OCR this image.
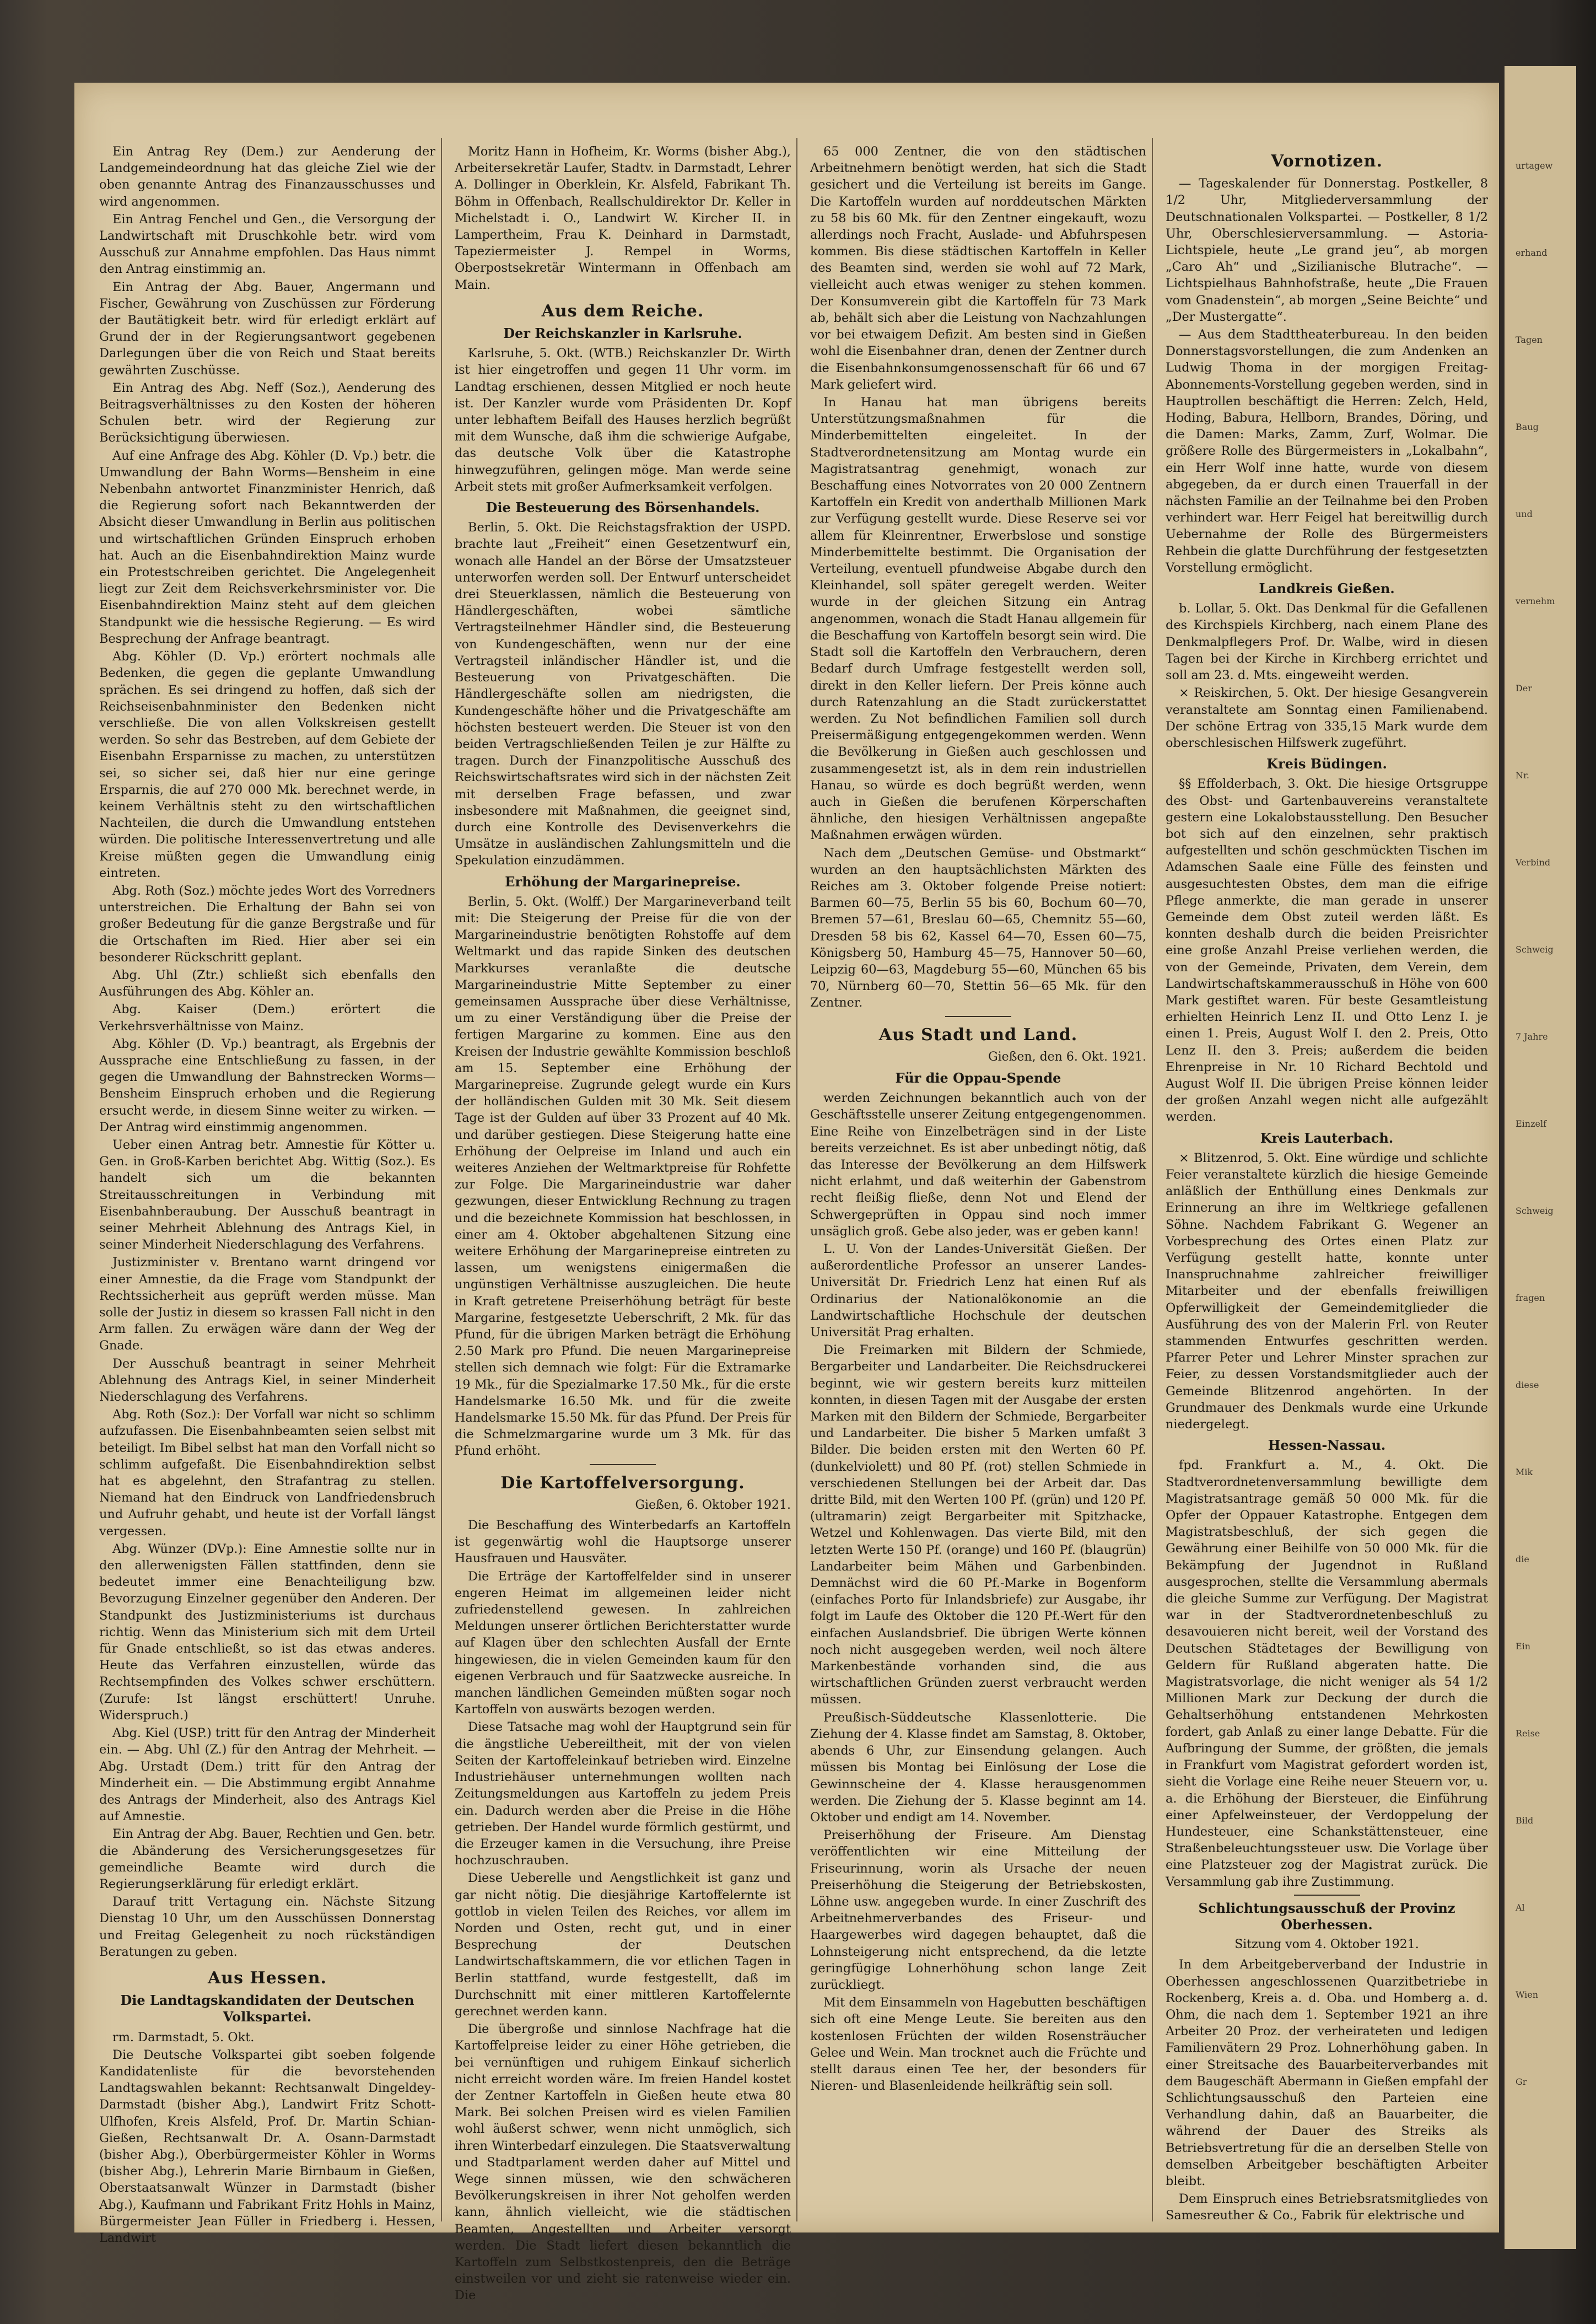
Ein Antrag Rey (Dem.) zur Aenderung der Landgemeindeordnung hat das gleiche Ziel wie der oben genannte Antrag des Finanzausschusses und wird angenommen.

Ein Antrag Fenchel und Gen., die Versorgung der Landwirtschaft mit Druschkohle betr. wird vom Ausschuß zur Annahme empfohlen. Das Haus nimmt den Antrag einstimmig an.

Ein Antrag der Abg. Bauer, Angermann und Fischer, Gewährung von Zuschüssen zur Förderung der Bautätigkeit betr. wird für erledigt erklärt auf Grund der in der Regierungsantwort gegebenen Darlegungen über die von Reich und Staat bereits gewährten Zuschüsse.

Ein Antrag des Abg. Neff (Soz.), Aenderung des Beitragsverhältnisses zu den Kosten der höheren Schulen betr. wird der Regierung zur Berücksichtigung überwiesen.

Auf eine Anfrage des Abg. Köhler (D. Vp.) betr. die Umwandlung der Bahn Worms—Bensheim in eine Nebenbahn antwortet Finanzminister Henrich, daß die Regierung sofort nach Bekanntwerden der Absicht dieser Umwandlung in Berlin aus politischen und wirtschaftlichen Gründen Einspruch erhoben hat. Auch an die Eisenbahndirektion Mainz wurde ein Protestschreiben gerichtet. Die Angelegenheit liegt zur Zeit dem Reichsverkehrsminister vor. Die Eisenbahndirektion Mainz steht auf dem gleichen Standpunkt wie die hessische Regierung. — Es wird Besprechung der Anfrage beantragt.

Abg. Köhler (D. Vp.) erörtert nochmals alle Bedenken, die gegen die geplante Umwandlung sprächen. Es sei dringend zu hoffen, daß sich der Reichseisenbahnminister den Bedenken nicht verschließe. Die von allen Volkskreisen gestellt werden. So sehr das Bestreben, auf dem Gebiete der Eisenbahn Ersparnisse zu machen, zu unterstützen sei, so sicher sei, daß hier nur eine geringe Ersparnis, die auf 270 000 Mk. berechnet werde, in keinem Verhältnis steht zu den wirtschaftlichen Nachteilen, die durch die Umwandlung entstehen würden. Die politische Interessenvertretung und alle Kreise müßten gegen die Umwandlung einig eintreten.

Abg. Roth (Soz.) möchte jedes Wort des Vorredners unterstreichen. Die Erhaltung der Bahn sei von großer Bedeutung für die ganze Bergstraße und für die Ortschaften im Ried. Hier aber sei ein besonderer Rückschritt geplant.

Abg. Uhl (Ztr.) schließt sich ebenfalls den Ausführungen des Abg. Köhler an.

Abg. Kaiser (Dem.) erörtert die Verkehrsverhältnisse von Mainz.

Abg. Köhler (D. Vp.) beantragt, als Ergebnis der Aussprache eine Entschließung zu fassen, in der gegen die Umwandlung der Bahnstrecken Worms—Bensheim Einspruch erhoben und die Regierung ersucht werde, in diesem Sinne weiter zu wirken. — Der Antrag wird einstimmig angenommen.

Ueber einen Antrag betr. Amnestie für Kötter u. Gen. in Groß-Karben berichtet Abg. Wittig (Soz.). Es handelt sich um die bekannten Streitausschreitungen in Verbindung mit Eisenbahnberaubung. Der Ausschuß beantragt in seiner Mehrheit Ablehnung des Antrags Kiel, in seiner Minderheit Niederschlagung des Verfahrens.

Justizminister v. Brentano warnt dringend vor einer Amnestie, da die Frage vom Standpunkt der Rechtssicherheit aus geprüft werden müsse. Man solle der Justiz in diesem so krassen Fall nicht in den Arm fallen. Zu erwägen wäre dann der Weg der Gnade.

Der Ausschuß beantragt in seiner Mehrheit Ablehnung des Antrags Kiel, in seiner Minderheit Niederschlagung des Verfahrens.

Abg. Roth (Soz.): Der Vorfall war nicht so schlimm aufzufassen. Die Eisenbahnbeamten seien selbst mit beteiligt. Im Bibel selbst hat man den Vorfall nicht so schlimm aufgefaßt. Die Eisenbahndirektion selbst hat es abgelehnt, den Strafantrag zu stellen. Niemand hat den Eindruck von Landfriedensbruch und Aufruhr gehabt, und heute ist der Vorfall längst vergessen.

Abg. Wünzer (DVp.): Eine Amnestie sollte nur in den allerwenigsten Fällen stattfinden, denn sie bedeutet immer eine Benachteiligung bzw. Bevorzugung Einzelner gegenüber den Anderen. Der Standpunkt des Justizministeriums ist durchaus richtig. Wenn das Ministerium sich mit dem Urteil für Gnade entschließt, so ist das etwas anderes. Heute das Verfahren einzustellen, würde das Rechtsempfinden des Volkes schwer erschüttern. (Zurufe: Ist längst erschüttert! Unruhe. Widerspruch.)

Abg. Kiel (USP.) tritt für den Antrag der Minderheit ein. — Abg. Uhl (Z.) für den Antrag der Mehrheit. — Abg. Urstadt (Dem.) tritt für den Antrag der Minderheit ein. — Die Abstimmung ergibt Annahme des Antrags der Minderheit, also des Antrags Kiel auf Amnestie.

Ein Antrag der Abg. Bauer, Rechtien und Gen. betr. die Abänderung des Versicherungsgesetzes für gemeindliche Beamte wird durch die Regierungserklärung für erledigt erklärt.

Darauf tritt Vertagung ein. Nächste Sitzung Dienstag 10 Uhr, um den Ausschüssen Donnerstag und Freitag Gelegenheit zu noch rückständigen Beratungen zu geben.

Aus Hessen.
Die Landtagskandidaten der Deutschen Volkspartei.

rm. Darmstadt, 5. Okt.

Die Deutsche Volkspartei gibt soeben folgende Kandidatenliste für die bevorstehenden Landtagswahlen bekannt: Rechtsanwalt Dingeldey-Darmstadt (bisher Abg.), Landwirt Fritz Schott-Ulfhofen, Kreis Alsfeld, Prof. Dr. Martin Schian-Gießen, Rechtsanwalt Dr. A. Osann-Darmstadt (bisher Abg.), Oberbürgermeister Köhler in Worms (bisher Abg.), Lehrerin Marie Birnbaum in Gießen, Oberstaatsanwalt Wünzer in Darmstadt (bisher Abg.), Kaufmann und Fabrikant Fritz Hohls in Mainz, Bürgermeister Jean Füller in Friedberg i. Hessen, Landwirt

Moritz Hann in Hofheim, Kr. Worms (bisher Abg.), Arbeitersekretär Laufer, Stadtv. in Darmstadt, Lehrer A. Dollinger in Oberklein, Kr. Alsfeld, Fabrikant Th. Böhm in Offenbach, Reallschuldirektor Dr. Keller in Michelstadt i. O., Landwirt W. Kircher II. in Lampertheim, Frau K. Deinhard in Darmstadt, Tapeziermeister J. Rempel in Worms, Oberpostsekretär Wintermann in Offenbach am Main.

Aus dem Reiche.
Der Reichskanzler in Karlsruhe.

Karlsruhe, 5. Okt. (WTB.) Reichskanzler Dr. Wirth ist hier eingetroffen und gegen 11 Uhr vorm. im Landtag erschienen, dessen Mitglied er noch heute ist. Der Kanzler wurde vom Präsidenten Dr. Kopf unter lebhaftem Beifall des Hauses herzlich begrüßt mit dem Wunsche, daß ihm die schwierige Aufgabe, das deutsche Volk über die Katastrophe hinwegzuführen, gelingen möge. Man werde seine Arbeit stets mit großer Aufmerksamkeit verfolgen.

Die Besteuerung des Börsenhandels.

Berlin, 5. Okt. Die Reichstagsfraktion der USPD. brachte laut „Freiheit“ einen Gesetzentwurf ein, wonach alle Handel an der Börse der Umsatzsteuer unterworfen werden soll. Der Entwurf unterscheidet drei Steuerklassen, nämlich die Besteuerung von Händlergeschäften, wobei sämtliche Vertragsteilnehmer Händler sind, die Besteuerung von Kundengeschäften, wenn nur der eine Vertragsteil inländischer Händler ist, und die Besteuerung von Privatgeschäften. Die Händlergeschäfte sollen am niedrigsten, die Kundengeschäfte höher und die Privatgeschäfte am höchsten besteuert werden. Die Steuer ist von den beiden Vertragschließenden Teilen je zur Hälfte zu tragen. Durch der Finanzpolitische Ausschuß des Reichswirtschaftsrates wird sich in der nächsten Zeit mit derselben Frage befassen, und zwar insbesondere mit Maßnahmen, die geeignet sind, durch eine Kontrolle des Devisenverkehrs die Umsätze in ausländischen Zahlungsmitteln und die Spekulation einzudämmen.

Erhöhung der Margarinepreise.

Berlin, 5. Okt. (Wolff.) Der Margarineverband teilt mit: Die Steigerung der Preise für die von der Margarineindustrie benötigten Rohstoffe auf dem Weltmarkt und das rapide Sinken des deutschen Markkurses veranlaßte die deutsche Margarineindustrie Mitte September zu einer gemeinsamen Aussprache über diese Verhältnisse, um zu einer Verständigung über die Preise der fertigen Margarine zu kommen. Eine aus den Kreisen der Industrie gewählte Kommission beschloß am 15. September eine Erhöhung der Margarinepreise. Zugrunde gelegt wurde ein Kurs der holländischen Gulden mit 30 Mk. Seit diesem Tage ist der Gulden auf über 33 Prozent auf 40 Mk. und darüber gestiegen. Diese Steigerung hatte eine Erhöhung der Oelpreise im Inland und auch ein weiteres Anziehen der Weltmarktpreise für Rohfette zur Folge. Die Margarineindustrie war daher gezwungen, dieser Entwicklung Rechnung zu tragen und die bezeichnete Kommission hat beschlossen, in einer am 4. Oktober abgehaltenen Sitzung eine weitere Erhöhung der Margarinepreise eintreten zu lassen, um wenigstens einigermaßen die ungünstigen Verhältnisse auszugleichen. Die heute in Kraft getretene Preiserhöhung beträgt für beste Margarine, festgesetzte Ueberschrift, 2 Mk. für das Pfund, für die übrigen Marken beträgt die Erhöhung 2.50 Mark pro Pfund. Die neuen Margarinepreise stellen sich demnach wie folgt: Für die Extramarke 19 Mk., für die Spezialmarke 17.50 Mk., für die erste Handelsmarke 16.50 Mk. und für die zweite Handelsmarke 15.50 Mk. für das Pfund. Der Preis für die Schmelzmargarine wurde um 3 Mk. für das Pfund erhöht.

Die Kartoffelversorgung.
Gießen, 6. Oktober 1921.

Die Beschaffung des Winterbedarfs an Kartoffeln ist gegenwärtig wohl die Hauptsorge unserer Hausfrauen und Hausväter.

Die Erträge der Kartoffelfelder sind in unserer engeren Heimat im allgemeinen leider nicht zufriedenstellend gewesen. In zahlreichen Meldungen unserer örtlichen Berichterstatter wurde auf Klagen über den schlechten Ausfall der Ernte hingewiesen, die in vielen Gemeinden kaum für den eigenen Verbrauch und für Saatzwecke ausreiche. In manchen ländlichen Gemeinden müßten sogar noch Kartoffeln von auswärts bezogen werden.

Diese Tatsache mag wohl der Hauptgrund sein für die ängstliche Uebereiltheit, mit der von vielen Seiten der Kartoffeleinkauf betrieben wird. Einzelne Industriehäuser unternehmungen wollten nach Zeitungsmeldungen aus Kartoffeln zu jedem Preis ein. Dadurch werden aber die Preise in die Höhe getrieben. Der Handel wurde förmlich gestürmt, und die Erzeuger kamen in die Versuchung, ihre Preise hochzuschrauben.

Diese Ueberelle und Aengstlichkeit ist ganz und gar nicht nötig. Die diesjährige Kartoffelernte ist gottlob in vielen Teilen des Reiches, vor allem im Norden und Osten, recht gut, und in einer Besprechung der Deutschen Landwirtschaftskammern, die vor etlichen Tagen in Berlin stattfand, wurde festgestellt, daß im Durchschnitt mit einer mittleren Kartoffelernte gerechnet werden kann.

Die übergroße und sinnlose Nachfrage hat die Kartoffelpreise leider zu einer Höhe getrieben, die bei vernünftigen und ruhigem Einkauf sicherlich nicht erreicht worden wäre. Im freien Handel kostet der Zentner Kartoffeln in Gießen heute etwa 80 Mark. Bei solchen Preisen wird es vielen Familien wohl äußerst schwer, wenn nicht unmöglich, sich ihren Winterbedarf einzulegen. Die Staatsverwaltung und Stadtparlament werden daher auf Mittel und Wege sinnen müssen, wie den schwächeren Bevölkerungskreisen in ihrer Not geholfen werden kann, ähnlich vielleicht, wie die städtischen Beamten, Angestellten und Arbeiter versorgt werden. Die Stadt liefert diesen bekanntlich die Kartoffeln zum Selbstkostenpreis, den die Beträge einstweilen vor und zieht sie ratenweise wieder ein. Die

65 000 Zentner, die von den städtischen Arbeitnehmern benötigt werden, hat sich die Stadt gesichert und die Verteilung ist bereits im Gange. Die Kartoffeln wurden auf norddeutschen Märkten zu 58 bis 60 Mk. für den Zentner eingekauft, wozu allerdings noch Fracht, Auslade- und Abfuhrspesen kommen. Bis diese städtischen Kartoffeln in Keller des Beamten sind, werden sie wohl auf 72 Mark, vielleicht auch etwas weniger zu stehen kommen. Der Konsumverein gibt die Kartoffeln für 73 Mark ab, behält sich aber die Leistung von Nachzahlungen vor bei etwaigem Defizit. Am besten sind in Gießen wohl die Eisenbahner dran, denen der Zentner durch die Eisenbahnkonsumgenossenschaft für 66 und 67 Mark geliefert wird.

In Hanau hat man übrigens bereits Unterstützungsmaßnahmen für die Minderbemittelten eingeleitet. In der Stadtverordnetensitzung am Montag wurde ein Magistratsantrag genehmigt, wonach zur Beschaffung eines Notvorrates von 20 000 Zentnern Kartoffeln ein Kredit von anderthalb Millionen Mark zur Verfügung gestellt wurde. Diese Reserve sei vor allem für Kleinrentner, Erwerbslose und sonstige Minderbemittelte bestimmt. Die Organisation der Verteilung, eventuell pfundweise Abgabe durch den Kleinhandel, soll später geregelt werden. Weiter wurde in der gleichen Sitzung ein Antrag angenommen, wonach die Stadt Hanau allgemein für die Beschaffung von Kartoffeln besorgt sein wird. Die Stadt soll die Kartoffeln den Verbrauchern, deren Bedarf durch Umfrage festgestellt werden soll, direkt in den Keller liefern. Der Preis könne auch durch Ratenzahlung an die Stadt zurückerstattet werden. Zu Not befindlichen Familien soll durch Preisermäßigung entgegengekommen werden. Wenn die Bevölkerung in Gießen auch geschlossen und zusammengesetzt ist, als in dem rein industriellen Hanau, so würde es doch begrüßt werden, wenn auch in Gießen die berufenen Körperschaften ähnliche, den hiesigen Verhältnissen angepaßte Maßnahmen erwägen würden.

Nach dem „Deutschen Gemüse- und Obstmarkt“ wurden an den hauptsächlichsten Märkten des Reiches am 3. Oktober folgende Preise notiert: Barmen 60—75, Berlin 55 bis 60, Bochum 60—70, Bremen 57—61, Breslau 60—65, Chemnitz 55—60, Dresden 58 bis 62, Kassel 64—70, Essen 60—75, Königsberg 50, Hamburg 45—75, Hannover 50—60, Leipzig 60—63, Magdeburg 55—60, München 65 bis 70, Nürnberg 60—70, Stettin 56—65 Mk. für den Zentner.

Aus Stadt und Land.
Gießen, den 6. Okt. 1921.
Für die Oppau-Spende

werden Zeichnungen bekanntlich auch von der Geschäftsstelle unserer Zeitung entgegengenommen. Eine Reihe von Einzelbeträgen sind in der Liste bereits verzeichnet. Es ist aber unbedingt nötig, daß das Interesse der Bevölkerung an dem Hilfswerk nicht erlahmt, und daß weiterhin der Gabenstrom recht fleißig fließe, denn Not und Elend der Schwergeprüften in Oppau sind noch immer unsäglich groß. Gebe also jeder, was er geben kann!

L. U. Von der Landes-Universität Gießen. Der außerordentliche Professor an unserer Landes-Universität Dr. Friedrich Lenz hat einen Ruf als Ordinarius der Nationalökonomie an die Landwirtschaftliche Hochschule der deutschen Universität Prag erhalten.

Die Freimarken mit Bildern der Schmiede, Bergarbeiter und Landarbeiter. Die Reichsdruckerei beginnt, wie wir gestern bereits kurz mitteilen konnten, in diesen Tagen mit der Ausgabe der ersten Marken mit den Bildern der Schmiede, Bergarbeiter und Landarbeiter. Die bisher 5 Marken umfaßt 3 Bilder. Die beiden ersten mit den Werten 60 Pf. (dunkelviolett) und 80 Pf. (rot) stellen Schmiede in verschiedenen Stellungen bei der Arbeit dar. Das dritte Bild, mit den Werten 100 Pf. (grün) und 120 Pf. (ultramarin) zeigt Bergarbeiter mit Spitzhacke, Wetzel und Kohlenwagen. Das vierte Bild, mit den letzten Werte 150 Pf. (orange) und 160 Pf. (blaugrün) Landarbeiter beim Mähen und Garbenbinden. Demnächst wird die 60 Pf.-Marke in Bogenform (einfaches Porto für Inlandsbriefe) zur Ausgabe, ihr folgt im Laufe des Oktober die 120 Pf.-Wert für den einfachen Auslandsbrief. Die übrigen Werte können noch nicht ausgegeben werden, weil noch ältere Markenbestände vorhanden sind, die aus wirtschaftlichen Gründen zuerst verbraucht werden müssen.

Preußisch-Süddeutsche Klassenlotterie. Die Ziehung der 4. Klasse findet am Samstag, 8. Oktober, abends 6 Uhr, zur Einsendung gelangen. Auch müssen bis Montag bei Einlösung der Lose die Gewinnscheine der 4. Klasse herausgenommen werden. Die Ziehung der 5. Klasse beginnt am 14. Oktober und endigt am 14. November.

Preiserhöhung der Friseure. Am Dienstag veröffentlichten wir eine Mitteilung der Friseurinnung, worin als Ursache der neuen Preiserhöhung die Steigerung der Betriebskosten, Löhne usw. angegeben wurde. In einer Zuschrift des Arbeitnehmerverbandes des Friseur- und Haargewerbes wird dagegen behauptet, daß die Lohnsteigerung nicht entsprechend, da die letzte geringfügige Lohnerhöhung schon lange Zeit zurückliegt.

Mit dem Einsammeln von Hagebutten beschäftigen sich oft eine Menge Leute. Sie bereiten aus den kostenlosen Früchten der wilden Rosensträucher Gelee und Wein. Man trocknet auch die Früchte und stellt daraus einen Tee her, der besonders für Nieren- und Blasenleidende heilkräftig sein soll.

Vornotizen.

— Tageskalender für Donnerstag. Postkeller, 8 1/2 Uhr, Mitgliederversammlung der Deutschnationalen Volkspartei. — Postkeller, 8 1/2 Uhr, Oberschlesierversammlung. — Astoria-Lichtspiele, heute „Le grand jeu“, ab morgen „Caro Ah“ und „Sizilianische Blutrache“. — Lichtspielhaus Bahnhofstraße, heute „Die Frauen vom Gnadenstein“, ab morgen „Seine Beichte“ und „Der Mustergatte“.

— Aus dem Stadttheaterbureau. In den beiden Donnerstagsvorstellungen, die zum Andenken an Ludwig Thoma in der morgigen Freitag-Abonnements-Vorstellung gegeben werden, sind in Hauptrollen beschäftigt die Herren: Zelch, Held, Hoding, Babura, Hellborn, Brandes, Döring, und die Damen: Marks, Zamm, Zurf, Wolmar. Die größere Rolle des Bürgermeisters in „Lokalbahn“, ein Herr Wolf inne hatte, wurde von diesem abgegeben, da er durch einen Trauerfall in der nächsten Familie an der Teilnahme bei den Proben verhindert war. Herr Feigel hat bereitwillig durch Uebernahme der Rolle des Bürgermeisters Rehbein die glatte Durchführung der festgesetzten Vorstellung ermöglicht.

Landkreis Gießen.

b. Lollar, 5. Okt. Das Denkmal für die Gefallenen des Kirchspiels Kirchberg, nach einem Plane des Denkmalpflegers Prof. Dr. Walbe, wird in diesen Tagen bei der Kirche in Kirchberg errichtet und soll am 23. d. Mts. eingeweiht werden.

× Reiskirchen, 5. Okt. Der hiesige Gesangverein veranstaltete am Sonntag einen Familienabend. Der schöne Ertrag von 335,15 Mark wurde dem oberschlesischen Hilfswerk zugeführt.

Kreis Büdingen.

§§ Effolderbach, 3. Okt. Die hiesige Ortsgruppe des Obst- und Gartenbauvereins veranstaltete gestern eine Lokalobstausstellung. Den Besucher bot sich auf den einzelnen, sehr praktisch aufgestellten und schön geschmückten Tischen im Adamschen Saale eine Fülle des feinsten und ausgesuchtesten Obstes, dem man die eifrige Pflege anmerkte, die man gerade in unserer Gemeinde dem Obst zuteil werden läßt. Es konnten deshalb durch die beiden Preisrichter eine große Anzahl Preise verliehen werden, die von der Gemeinde, Privaten, dem Verein, dem Landwirtschaftskammerausschuß in Höhe von 600 Mark gestiftet waren. Für beste Gesamtleistung erhielten Heinrich Lenz II. und Otto Lenz I. je einen 1. Preis, August Wolf I. den 2. Preis, Otto Lenz II. den 3. Preis; außerdem die beiden Ehrenpreise in Nr. 10 Richard Bechtold und August Wolf II. Die übrigen Preise können leider der großen Anzahl wegen nicht alle aufgezählt werden.

Kreis Lauterbach.

× Blitzenrod, 5. Okt. Eine würdige und schlichte Feier veranstaltete kürzlich die hiesige Gemeinde anläßlich der Enthüllung eines Denkmals zur Erinnerung an ihre im Weltkriege gefallenen Söhne. Nachdem Fabrikant G. Wegener an Vorbesprechung des Ortes einen Platz zur Verfügung gestellt hatte, konnte unter Inanspruchnahme zahlreicher freiwilliger Mitarbeiter und der ebenfalls freiwilligen Opferwilligkeit der Gemeindemitglieder die Ausführung des von der Malerin Frl. von Reuter stammenden Entwurfes geschritten werden. Pfarrer Peter und Lehrer Minster sprachen zur Feier, zu dessen Vorstandsmitglieder auch der Gemeinde Blitzenrod angehörten. In der Grundmauer des Denkmals wurde eine Urkunde niedergelegt.

Hessen-Nassau.

fpd. Frankfurt a. M., 4. Okt. Die Stadtverordnetenversammlung bewilligte dem Magistratsantrage gemäß 50 000 Mk. für die Opfer der Oppauer Katastrophe. Entgegen dem Magistratsbeschluß, der sich gegen die Gewährung einer Beihilfe von 50 000 Mk. für die Bekämpfung der Jugendnot in Rußland ausgesprochen, stellte die Versammlung abermals die gleiche Summe zur Verfügung. Der Magistrat war in der Stadtverordnetenbeschluß zu desavouieren nicht bereit, weil der Vorstand des Deutschen Städtetages der Bewilligung von Geldern für Rußland abgeraten hatte. Die Magistratsvorlage, die nicht weniger als 54 1/2 Millionen Mark zur Deckung der durch die Gehaltserhöhung entstandenen Mehrkosten fordert, gab Anlaß zu einer lange Debatte. Für die Aufbringung der Summe, der größten, die jemals in Frankfurt vom Magistrat gefordert worden ist, sieht die Vorlage eine Reihe neuer Steuern vor, u. a. die Erhöhung der Biersteuer, die Einführung einer Apfelweinsteuer, der Verdoppelung der Hundesteuer, eine Schankstättensteuer, eine Straßenbeleuchtungssteuer usw. Die Vorlage über eine Platzsteuer zog der Magistrat zurück. Die Versammlung gab ihre Zustimmung.

Schlichtungsausschuß der Provinz Oberhessen.
Sitzung vom 4. Oktober 1921.

In dem Arbeitgeberverband der Industrie in Oberhessen angeschlossenen Quarzitbetriebe in Rockenberg, Kreis a. d. Oba. und Homberg a. d. Ohm, die nach dem 1. September 1921 an ihre Arbeiter 20 Proz. der verheirateten und ledigen Familienvätern 29 Proz. Lohnerhöhung gaben. In einer Streitsache des Bauarbeiterverbandes mit dem Baugeschäft Abermann in Gießen empfahl der Schlichtungsausschuß den Parteien eine Verhandlung dahin, daß an Bauarbeiter, die während der Dauer des Streiks als Betriebsvertretung für die an derselben Stelle von demselben Arbeitgeber beschäftigten Arbeiter bleibt.

Dem Einspruch eines Betriebsratsmitgliedes von Samesreuther & Co., Fabrik für elektrische und

urtagew
erhand
Tagen
Baug
und
vernehm
Der
Nr.
Verbind
Schweig
7 Jahre
Einzelf
Schweig
fragen
diese
Mik
die
Ein
Reise
Bild
Al
Wien
Gr
